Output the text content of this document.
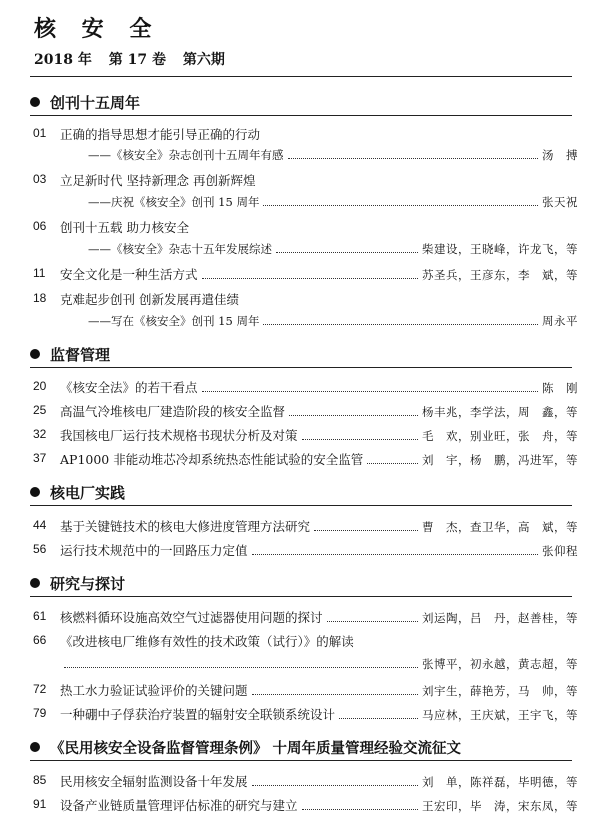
核 安 全
2018 年 第 17 卷 第六期
创刊十五周年
01 正确的指导思想才能引导正确的行动
——《核安全》杂志创刊十五周年有感	汤　搏
03 立足新时代 坚持新理念 再创新辉煌
——庆祝《核安全》创刊 15 周年	张天祝
06 创刊十五载 助力核安全
——《核安全》杂志十五年发展综述	柴建设，王晓峰，许龙飞，等
11 安全文化是一种生活方式	苏圣兵，王彦东，李　斌，等
18 克难起步创刊 创新发展再遣佳绩
——写在《核安全》创刊 15 周年	周永平
监督管理
20 《核安全法》的若干看点	陈　刚
25 高温气冷堆核电厂建造阶段的核安全监督	杨丰兆，李学法，周　鑫，等
32 我国核电厂运行技术规格书现状分析及对策	毛　欢，别业旺，张　舟，等
37 AP1000 非能动堆芯冷却系统热态性能试验的安全监管	刘　宇，杨　鹏，冯进军，等
核电厂实践
44 基于关键链技术的核电大修进度管理方法研究	曹　杰，查卫华，高　斌，等
56 运行技术规范中的一回路压力定值	张仰程
研究与探讨
61 核燃料循环设施高效空气过滤器使用问题的探讨	刘运陶，吕　丹，赵善桂，等
66 《改进核电厂维修有效性的技术政策（试行）》的解读
张博平，初永越，黄志超，等
72 热工水力验证试验评价的关键问题	刘宇生，薛艳芳，马　帅，等
79 一种硼中子俘获治疗装置的辐射安全联锁系统设计	马应林，王庆斌，王宇飞，等
《民用核安全设备监督管理条例》 十周年质量管理经验交流征文
85 民用核安全辐射监测设备十年发展	刘　单，陈祥磊，毕明德，等
91 设备产业链质量管理评估标准的研究与建立	王宏印，毕　涛，宋东凤，等
